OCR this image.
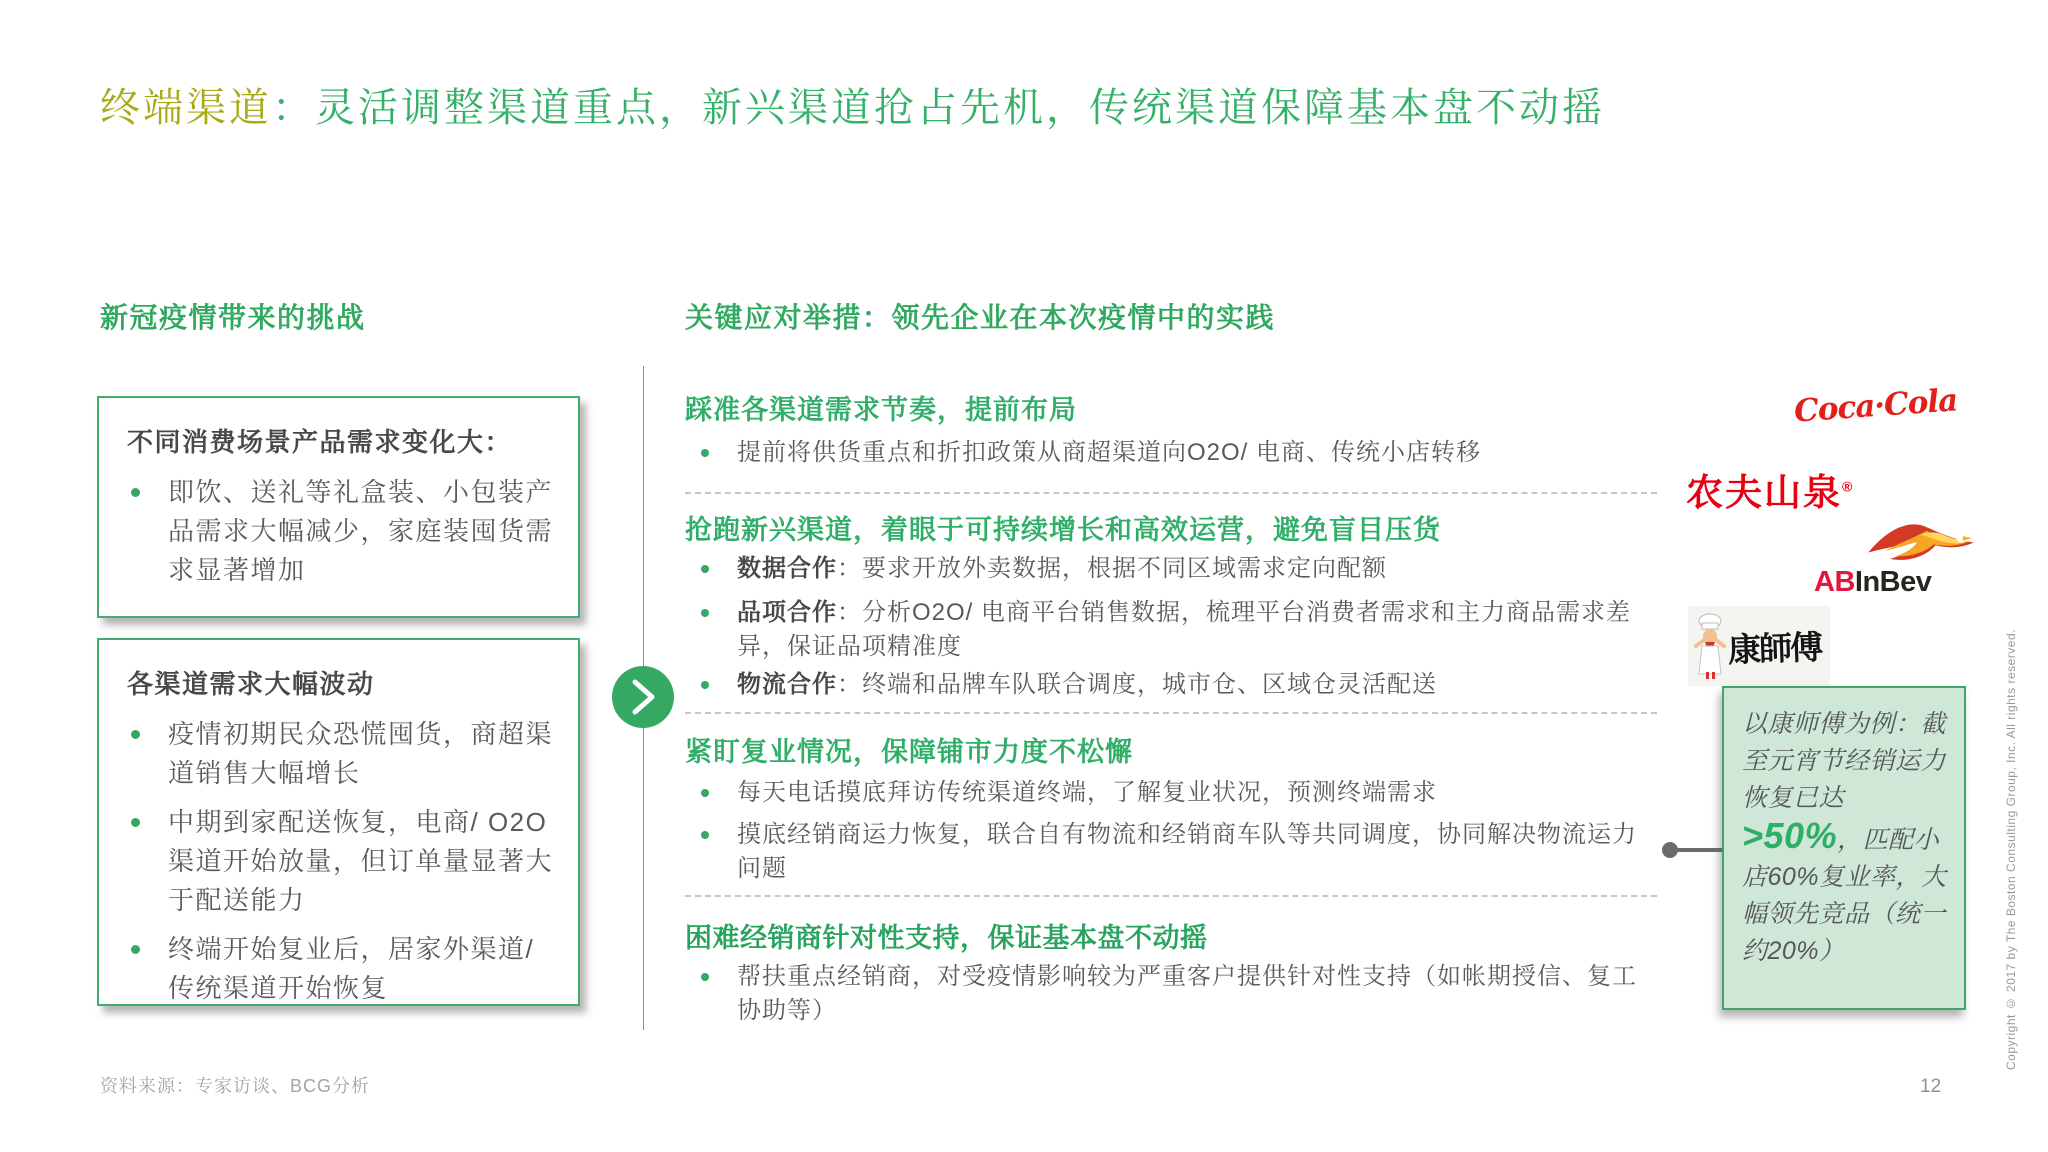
终端渠道：灵活调整渠道重点，新兴渠道抢占先机，传统渠道保障基本盘不动摇
新冠疫情带来的挑战	关键应对举措：领先企业在本次疫情中的实践
不同消费场景产品需求变化大：
即饮、送礼等礼盒装、小包装产品需求大幅减少，家庭装囤货需求显著增加
各渠道需求大幅波动
疫情初期民众恐慌囤货，商超渠道销售大幅增长
中期到家配送恢复，电商/ O2O渠道开始放量，但订单量显著大于配送能力
终端开始复业后，居家外渠道/ 传统渠道开始恢复
踩准各渠道需求节奏，提前布局
提前将供货重点和折扣政策从商超渠道向O2O/ 电商、传统小店转移
抢跑新兴渠道，着眼于可持续增长和高效运营，避免盲目压货
数据合作：要求开放外卖数据，根据不同区域需求定向配额
品项合作：分析O2O/ 电商平台销售数据，梳理平台消费者需求和主力商品需求差异，保证品项精准度
物流合作：终端和品牌车队联合调度，城市仓、区域仓灵活配送
紧盯复业情况，保障铺市力度不松懈
每天电话摸底拜访传统渠道终端，了解复业状况，预测终端需求
摸底经销商运力恢复，联合自有物流和经销商车队等共同调度，协同解决物流运力问题
困难经销商针对性支持，保证基本盘不动摇
帮扶重点经销商，对受疫情影响较为严重客户提供针对性支持（如帐期授信、复工协助等）
Coca·Cola
农夫山泉®
ABInBev
康師傅
以康师傅为例：截至元宵节经销运力恢复已达>50%，匹配小店60%复业率，大幅领先竞品（统一约20%）
资料来源：专家访谈、BCG分析	12
Copyright © 2017 by The Boston Consulting Group, Inc. All rights reserved.
